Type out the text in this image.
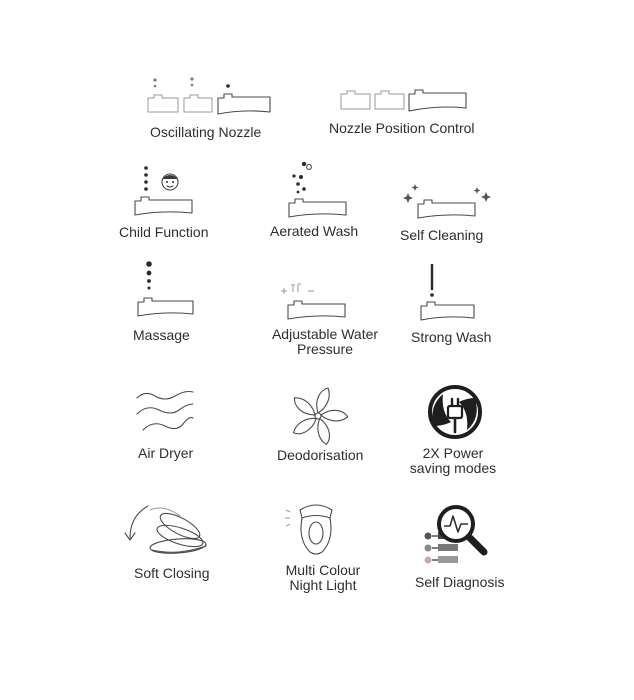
Oscillating Nozzle	Nozzle Position Control
Child Function	Aerated Wash	Self Cleaning
Massage	Adjustable Water
Pressure
Strong Wash
Air Dryer	Deodorisation	2X Power
saving modes
Soft Closing	Multi Colour
Night Light	Self Diagnosis
